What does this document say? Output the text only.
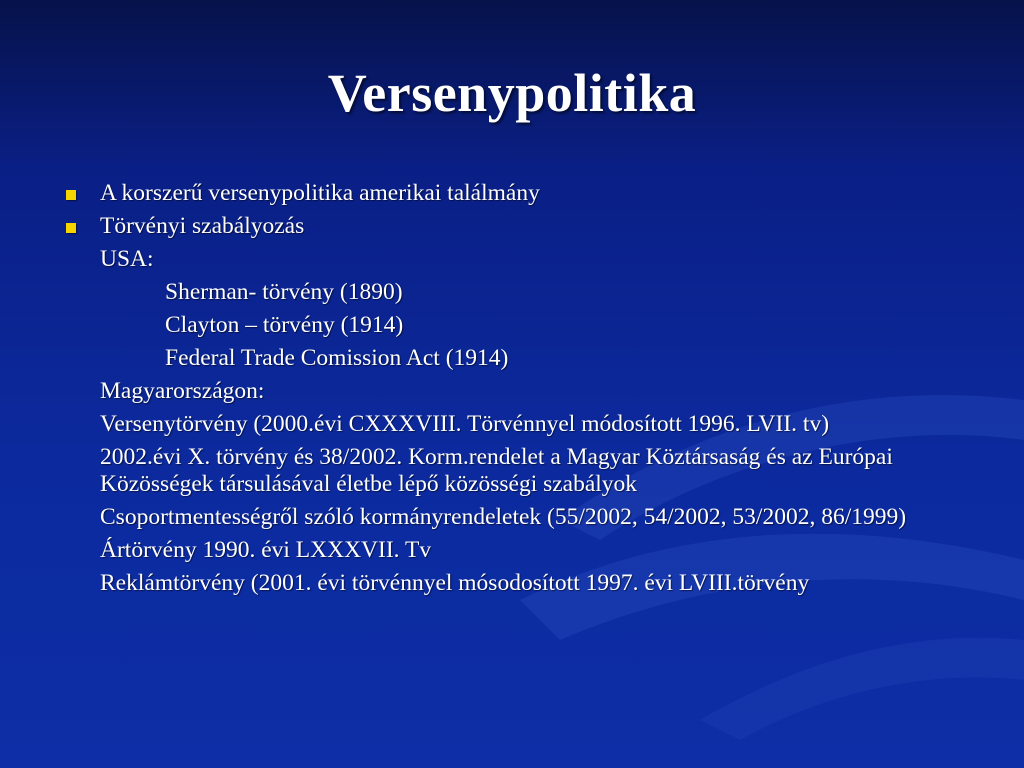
Versenypolitika
A korszerű versenypolitika amerikai találmány
Törvényi szabályozás
USA:
Sherman- törvény (1890)
Clayton – törvény (1914)
Federal Trade Comission Act (1914)
Magyarországon:
Versenytörvény (2000.évi CXXXVIII. Törvénnyel módosított 1996. LVII. tv)
2002.évi X. törvény és 38/2002. Korm.rendelet a Magyar Köztársaság és az Európai Közösségek társulásával életbe lépő közösségi szabályok
Csoportmentességről szóló kormányrendeletek (55/2002, 54/2002, 53/2002, 86/1999)
Ártörvény 1990. évi LXXXVII. Tv
Reklámtörvény (2001. évi törvénnyel mósodosított 1997. évi LVIII.törvény
